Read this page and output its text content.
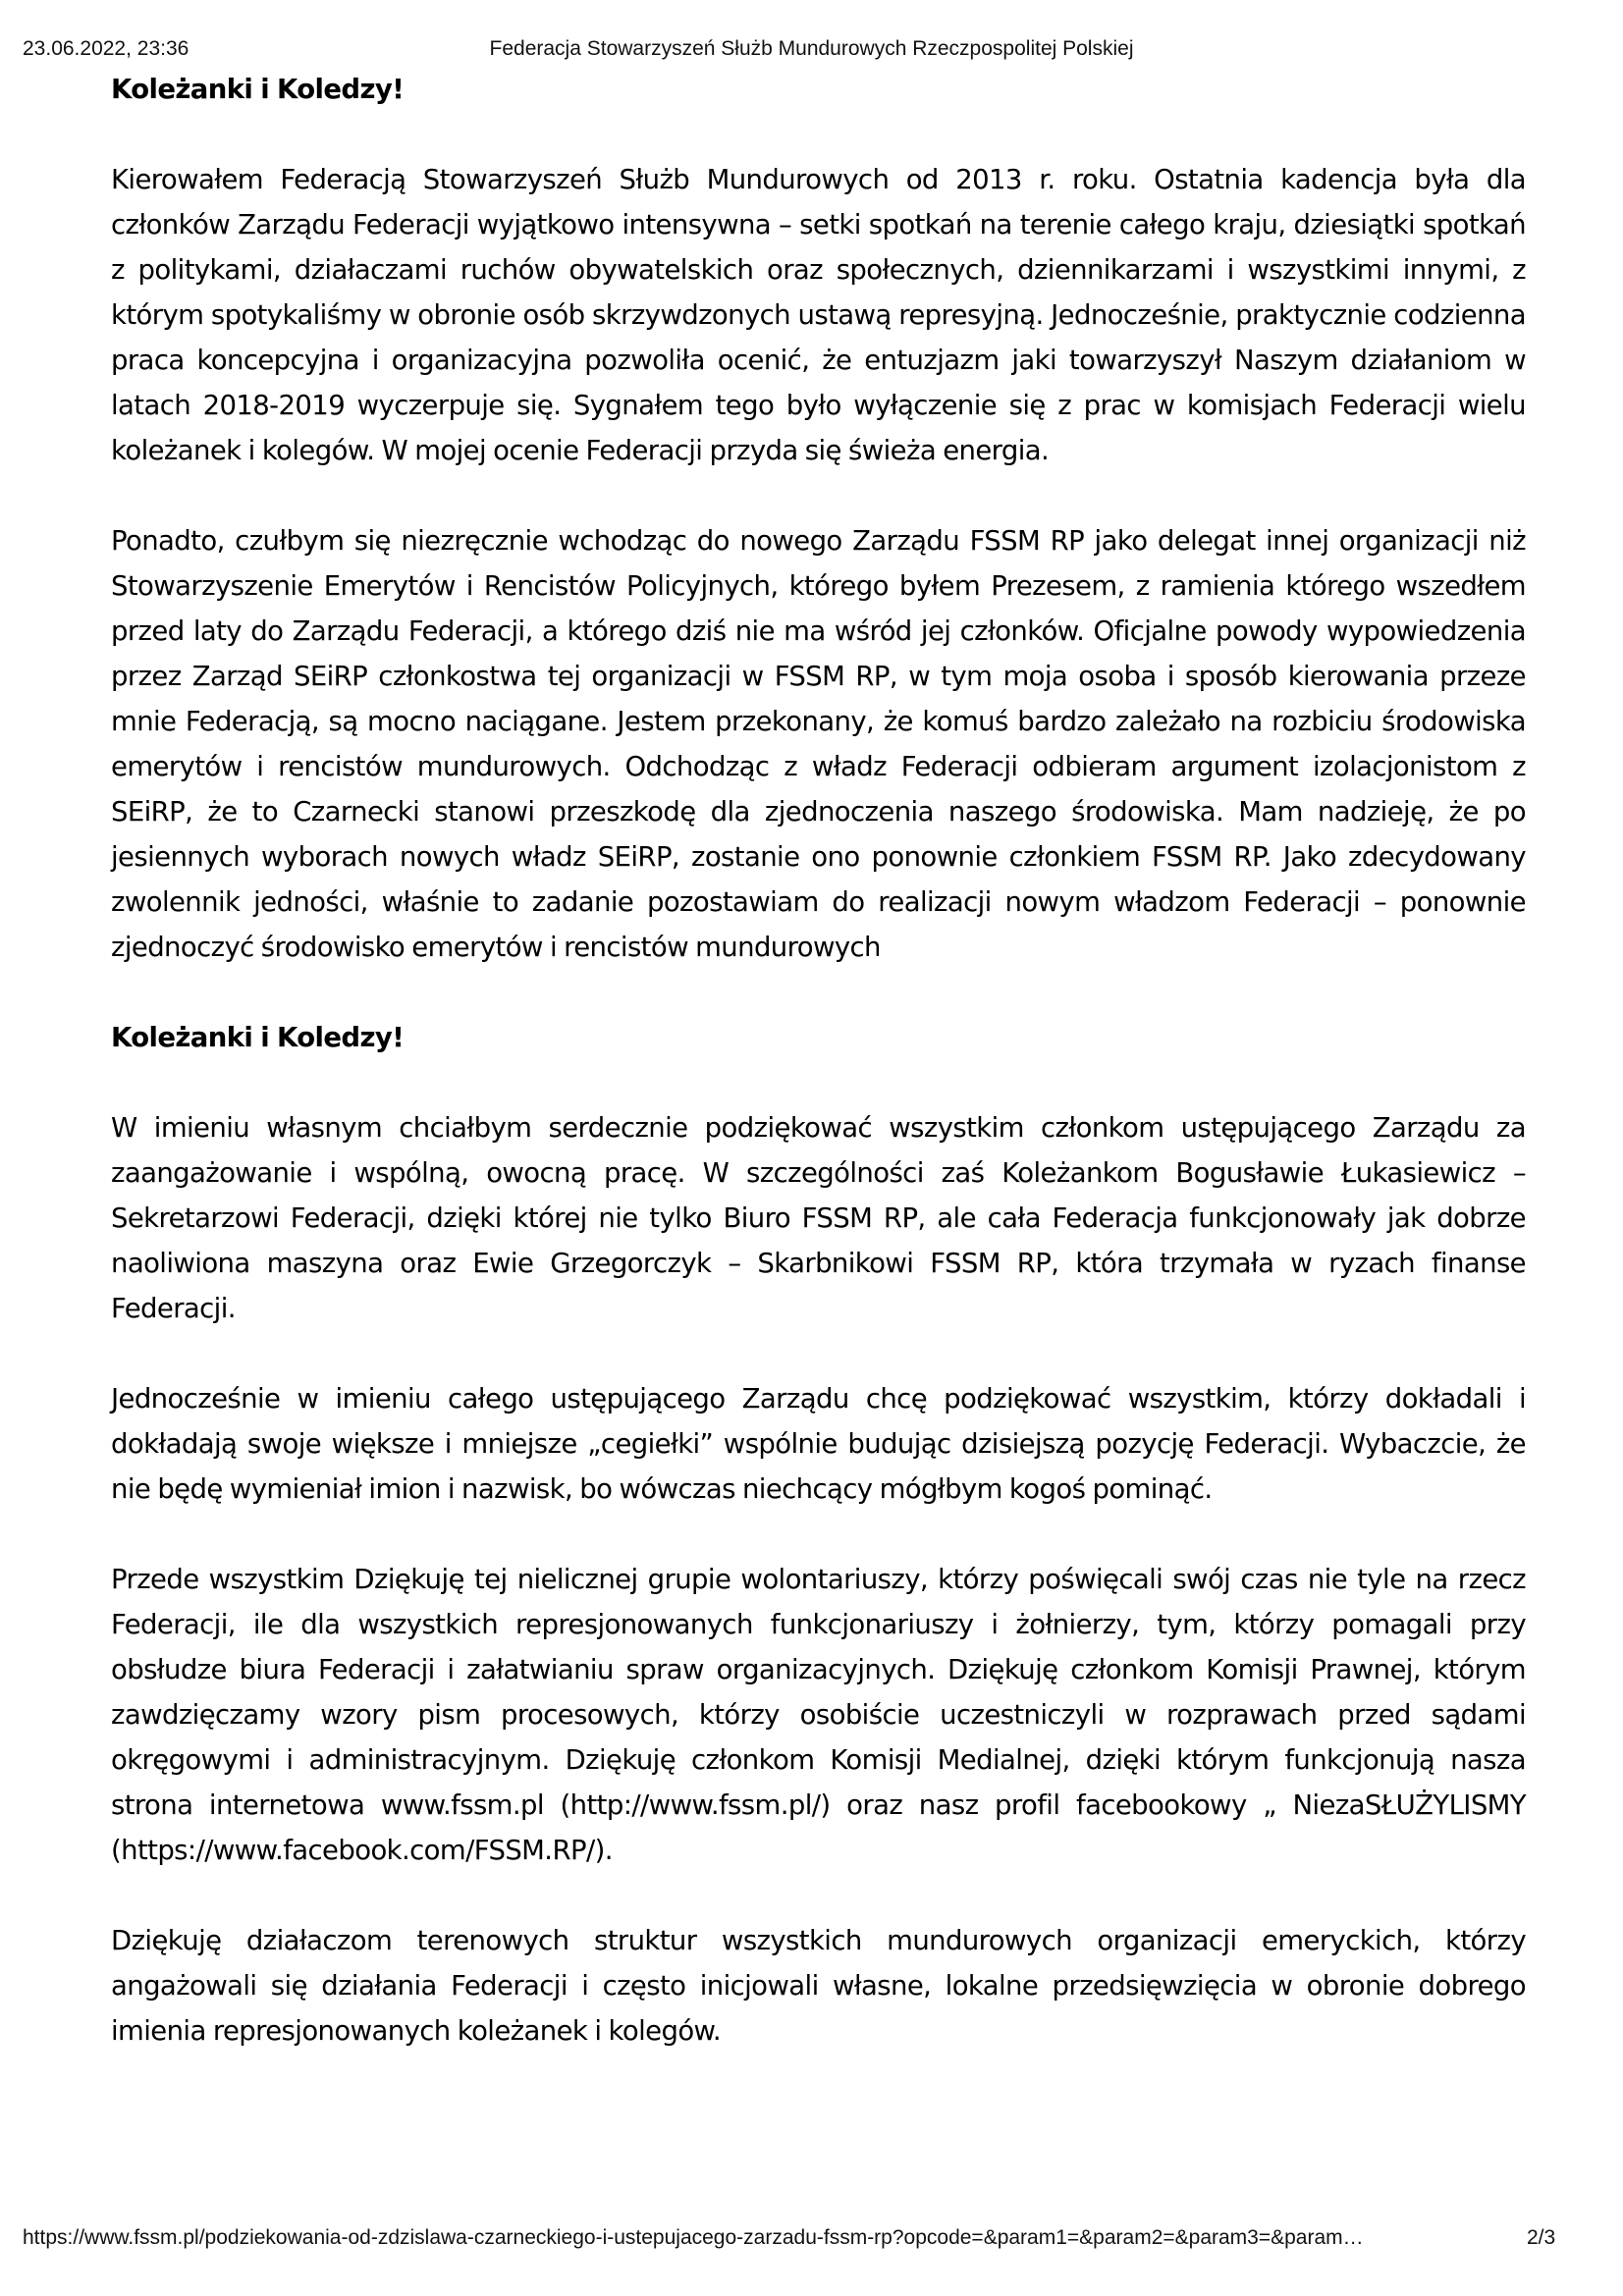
23.06.2022, 23:36	Federacja Stowarzyszeń Służb Mundurowych Rzeczpospolitej Polskiej

Koleżanki i Koledzy!

Kierowałem Federacją Stowarzyszeń Służb Mundurowych od 2013 r. roku. Ostatnia kadencja była dla członków Zarządu Federacji wyjątkowo intensywna – setki spotkań na terenie całego kraju, dziesiątki spotkań z politykami, działaczami ruchów obywatelskich oraz społecznych, dziennikarzami i wszystkimi innymi, z którym spotykaliśmy w obronie osób skrzywdzonych ustawą represyjną. Jednocześnie, praktycznie codzienna praca koncepcyjna i organizacyjna pozwoliła ocenić, że entuzjazm jaki towarzyszył Naszym działaniom w latach 2018-2019 wyczerpuje się. Sygnałem tego było wyłączenie się z prac w komisjach Federacji wielu koleżanek i kolegów. W mojej ocenie Federacji przyda się świeża energia.

Ponadto, czułbym się niezręcznie wchodząc do nowego Zarządu FSSM RP jako delegat innej organizacji niż Stowarzyszenie Emerytów i Rencistów Policyjnych, którego byłem Prezesem, z ramienia którego wszedłem przed laty do Zarządu Federacji, a którego dziś nie ma wśród jej członków. Oficjalne powody wypowiedzenia przez Zarząd SEiRP członkostwa tej organizacji w FSSM RP, w tym moja osoba i sposób kierowania przeze mnie Federacją, są mocno naciągane. Jestem przekonany, że komuś bardzo zależało na rozbiciu środowiska emerytów i rencistów mundurowych. Odchodząc z władz Federacji odbieram argument izolacjonistom z SEiRP, że to Czarnecki stanowi przeszkodę dla zjednoczenia naszego środowiska. Mam nadzieję, że po jesiennych wyborach nowych władz SEiRP, zostanie ono ponownie członkiem FSSM RP. Jako zdecydowany zwolennik jedności, właśnie to zadanie pozostawiam do realizacji nowym władzom Federacji – ponownie zjednoczyć środowisko emerytów i rencistów mundurowych

Koleżanki i Koledzy!

W imieniu własnym chciałbym serdecznie podziękować wszystkim członkom ustępującego Zarządu za zaangażowanie i wspólną, owocną pracę. W szczególności zaś Koleżankom Bogusławie Łukasiewicz – Sekretarzowi Federacji, dzięki której nie tylko Biuro FSSM RP, ale cała Federacja funkcjonowały jak dobrze naoliwiona maszyna oraz Ewie Grzegorczyk – Skarbnikowi FSSM RP, która trzymała w ryzach finanse Federacji.

Jednocześnie w imieniu całego ustępującego Zarządu chcę podziękować wszystkim, którzy dokładali i dokładają swoje większe i mniejsze „cegiełki” wspólnie budując dzisiejszą pozycję Federacji. Wybaczcie, że nie będę wymieniał imion i nazwisk, bo wówczas niechcący mógłbym kogoś pominąć.

Przede wszystkim Dziękuję tej nielicznej grupie wolontariuszy, którzy poświęcali swój czas nie tyle na rzecz Federacji, ile dla wszystkich represjonowanych funkcjonariuszy i żołnierzy, tym, którzy pomagali przy obsłudze biura Federacji i załatwianiu spraw organizacyjnych. Dziękuję członkom Komisji Prawnej, którym zawdzięczamy wzory pism procesowych, którzy osobiście uczestniczyli w rozprawach przed sądami okręgowymi i administracyjnym. Dziękuję członkom Komisji Medialnej, dzięki którym funkcjonują nasza strona internetowa www.fssm.pl (http://www.fssm.pl/) oraz nasz profil facebookowy „ NiezaSŁUŻYLISMY (https://www.facebook.com/FSSM.RP/).

Dziękuję działaczom terenowych struktur wszystkich mundurowych organizacji emeryckich, którzy angażowali się działania Federacji i często inicjowali własne, lokalne przedsięwzięcia w obronie dobrego imienia represjonowanych koleżanek i kolegów.

https://www.fssm.pl/podziekowania-od-zdzislawa-czarneckiego-i-ustepujacego-zarzadu-fssm-rp?opcode=&param1=&param2=&param3=&param…	2/3
